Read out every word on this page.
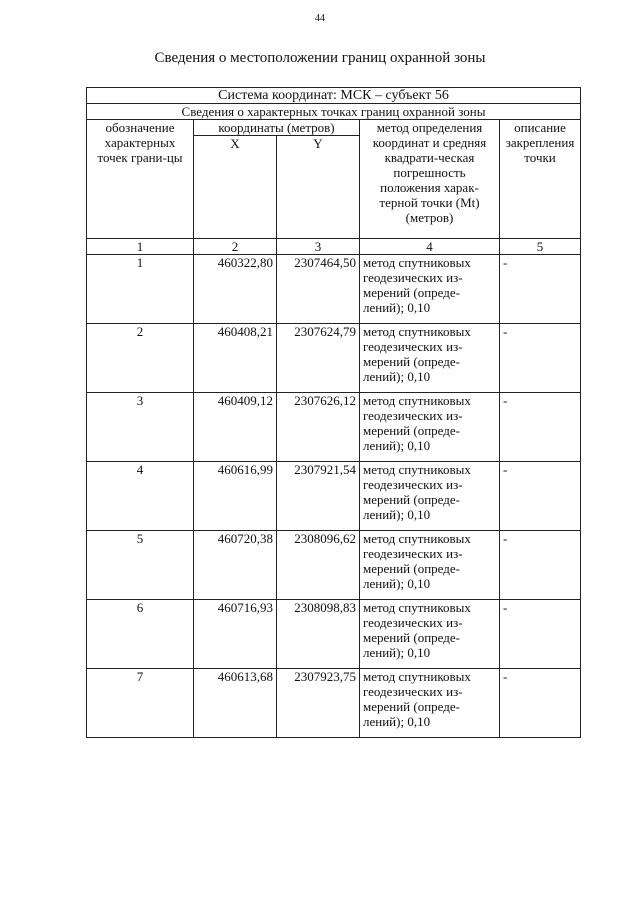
44
Сведения о местоположении границ охранной зоны
Система координат: МСК – субъект 56				
Сведения о характерных точках границ охранной зоны				
обозначение характерных точек грани-цы	координаты (метров)		метод определения координат и средняя квадрати-ческая погрешность положения харак-терной точки (Mt) (метров)	описание закрепления точки
	X	Y		
1	2	3	4	5
1	460322,80	2307464,50	метод спутниковых геодезических из-мерений (опреде-лений); 0,10	-
2	460408,21	2307624,79	метод спутниковых геодезических из-мерений (опреде-лений); 0,10	-
3	460409,12	2307626,12	метод спутниковых геодезических из-мерений (опреде-лений); 0,10	-
4	460616,99	2307921,54	метод спутниковых геодезических из-мерений (опреде-лений); 0,10	-
5	460720,38	2308096,62	метод спутниковых геодезических из-мерений (опреде-лений); 0,10	-
6	460716,93	2308098,83	метод спутниковых геодезических из-мерений (опреде-лений); 0,10	-
7	460613,68	2307923,75	метод спутниковых геодезических из-мерений (опреде-лений); 0,10	-
